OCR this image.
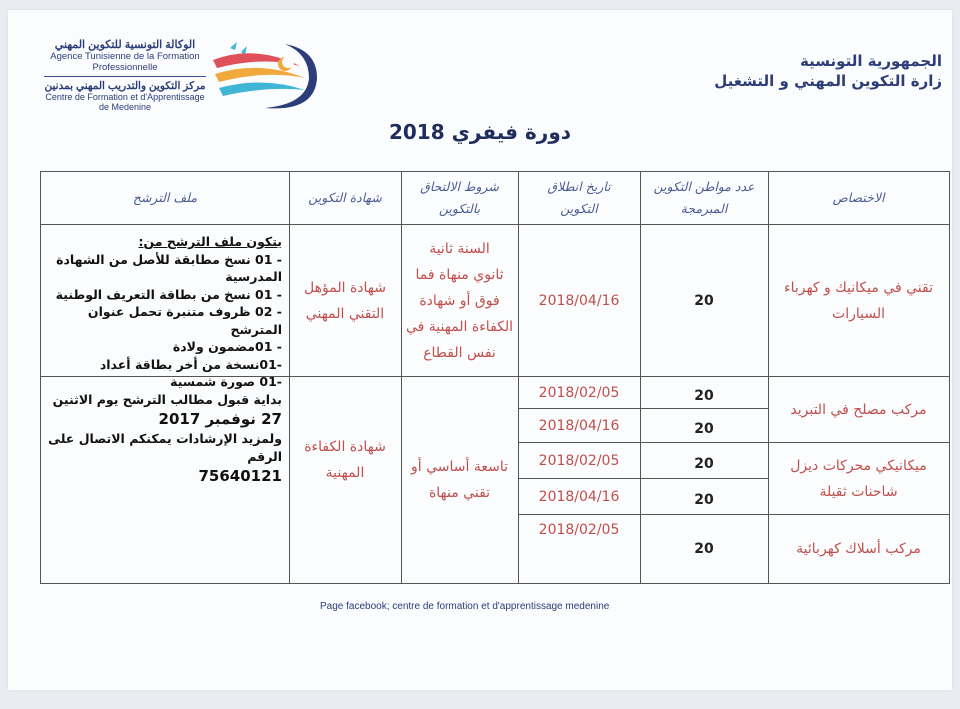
الوكالة التونسية للتكوين المهني
Agence Tunisienne de la Formation
Professionnelle
مركز التكوين والتدريب المهني بمدنين
Centre de Formation et d'Apprentissage
de Medenine
الجمهورية التونسية
زارة التكوين المهني و التشغيل
دورة فيفري 2018
الاختصاص
عدد مواطن التكوين
المبرمجة
تاريخ انطلاق
التكوين
شروط الالتحاق
بالتكوين
شهادة التكوين
ملف الترشح
تقني في ميكانيك و كهرباء
السيارات
20
2018/04/16
السنة ثانية
ثانوي منهاة فما
فوق أو شهادة
الكفاءة المهنية في
نفس القطاع
شهادة المؤهل
التقني المهني
مركب مصلح في التبريد
20
2018/02/05
20
2018/04/16
ميكانيكي محركات ديزل
شاحنات ثقيلة
20
2018/02/05
20
2018/04/16
مركب أسلاك كهربائية
20
2018/02/05
تاسعة أساسي أو
تقني منهاة
شهادة الكفاءة
المهنية
يتكون ملف الترشح من:
- 01 نسخ مطابقة للأصل من الشهادة
المدرسية
- 01 نسخ من بطاقة التعريف الوطنية
- 02 ظروف متنبرة تحمل عنوان المترشح
- 01مضمون ولادة
-01نسخة من أخر بطاقة أعداد
-01 صورة شمسية
بداية قبول مطالب الترشح يوم الاثنين
27 نوفمبر 2017
ولمزيد الإرشادات يمكنكم الاتصال على الرقم
75640121
Page facebook; centre de formation et d'apprentissage medenine
